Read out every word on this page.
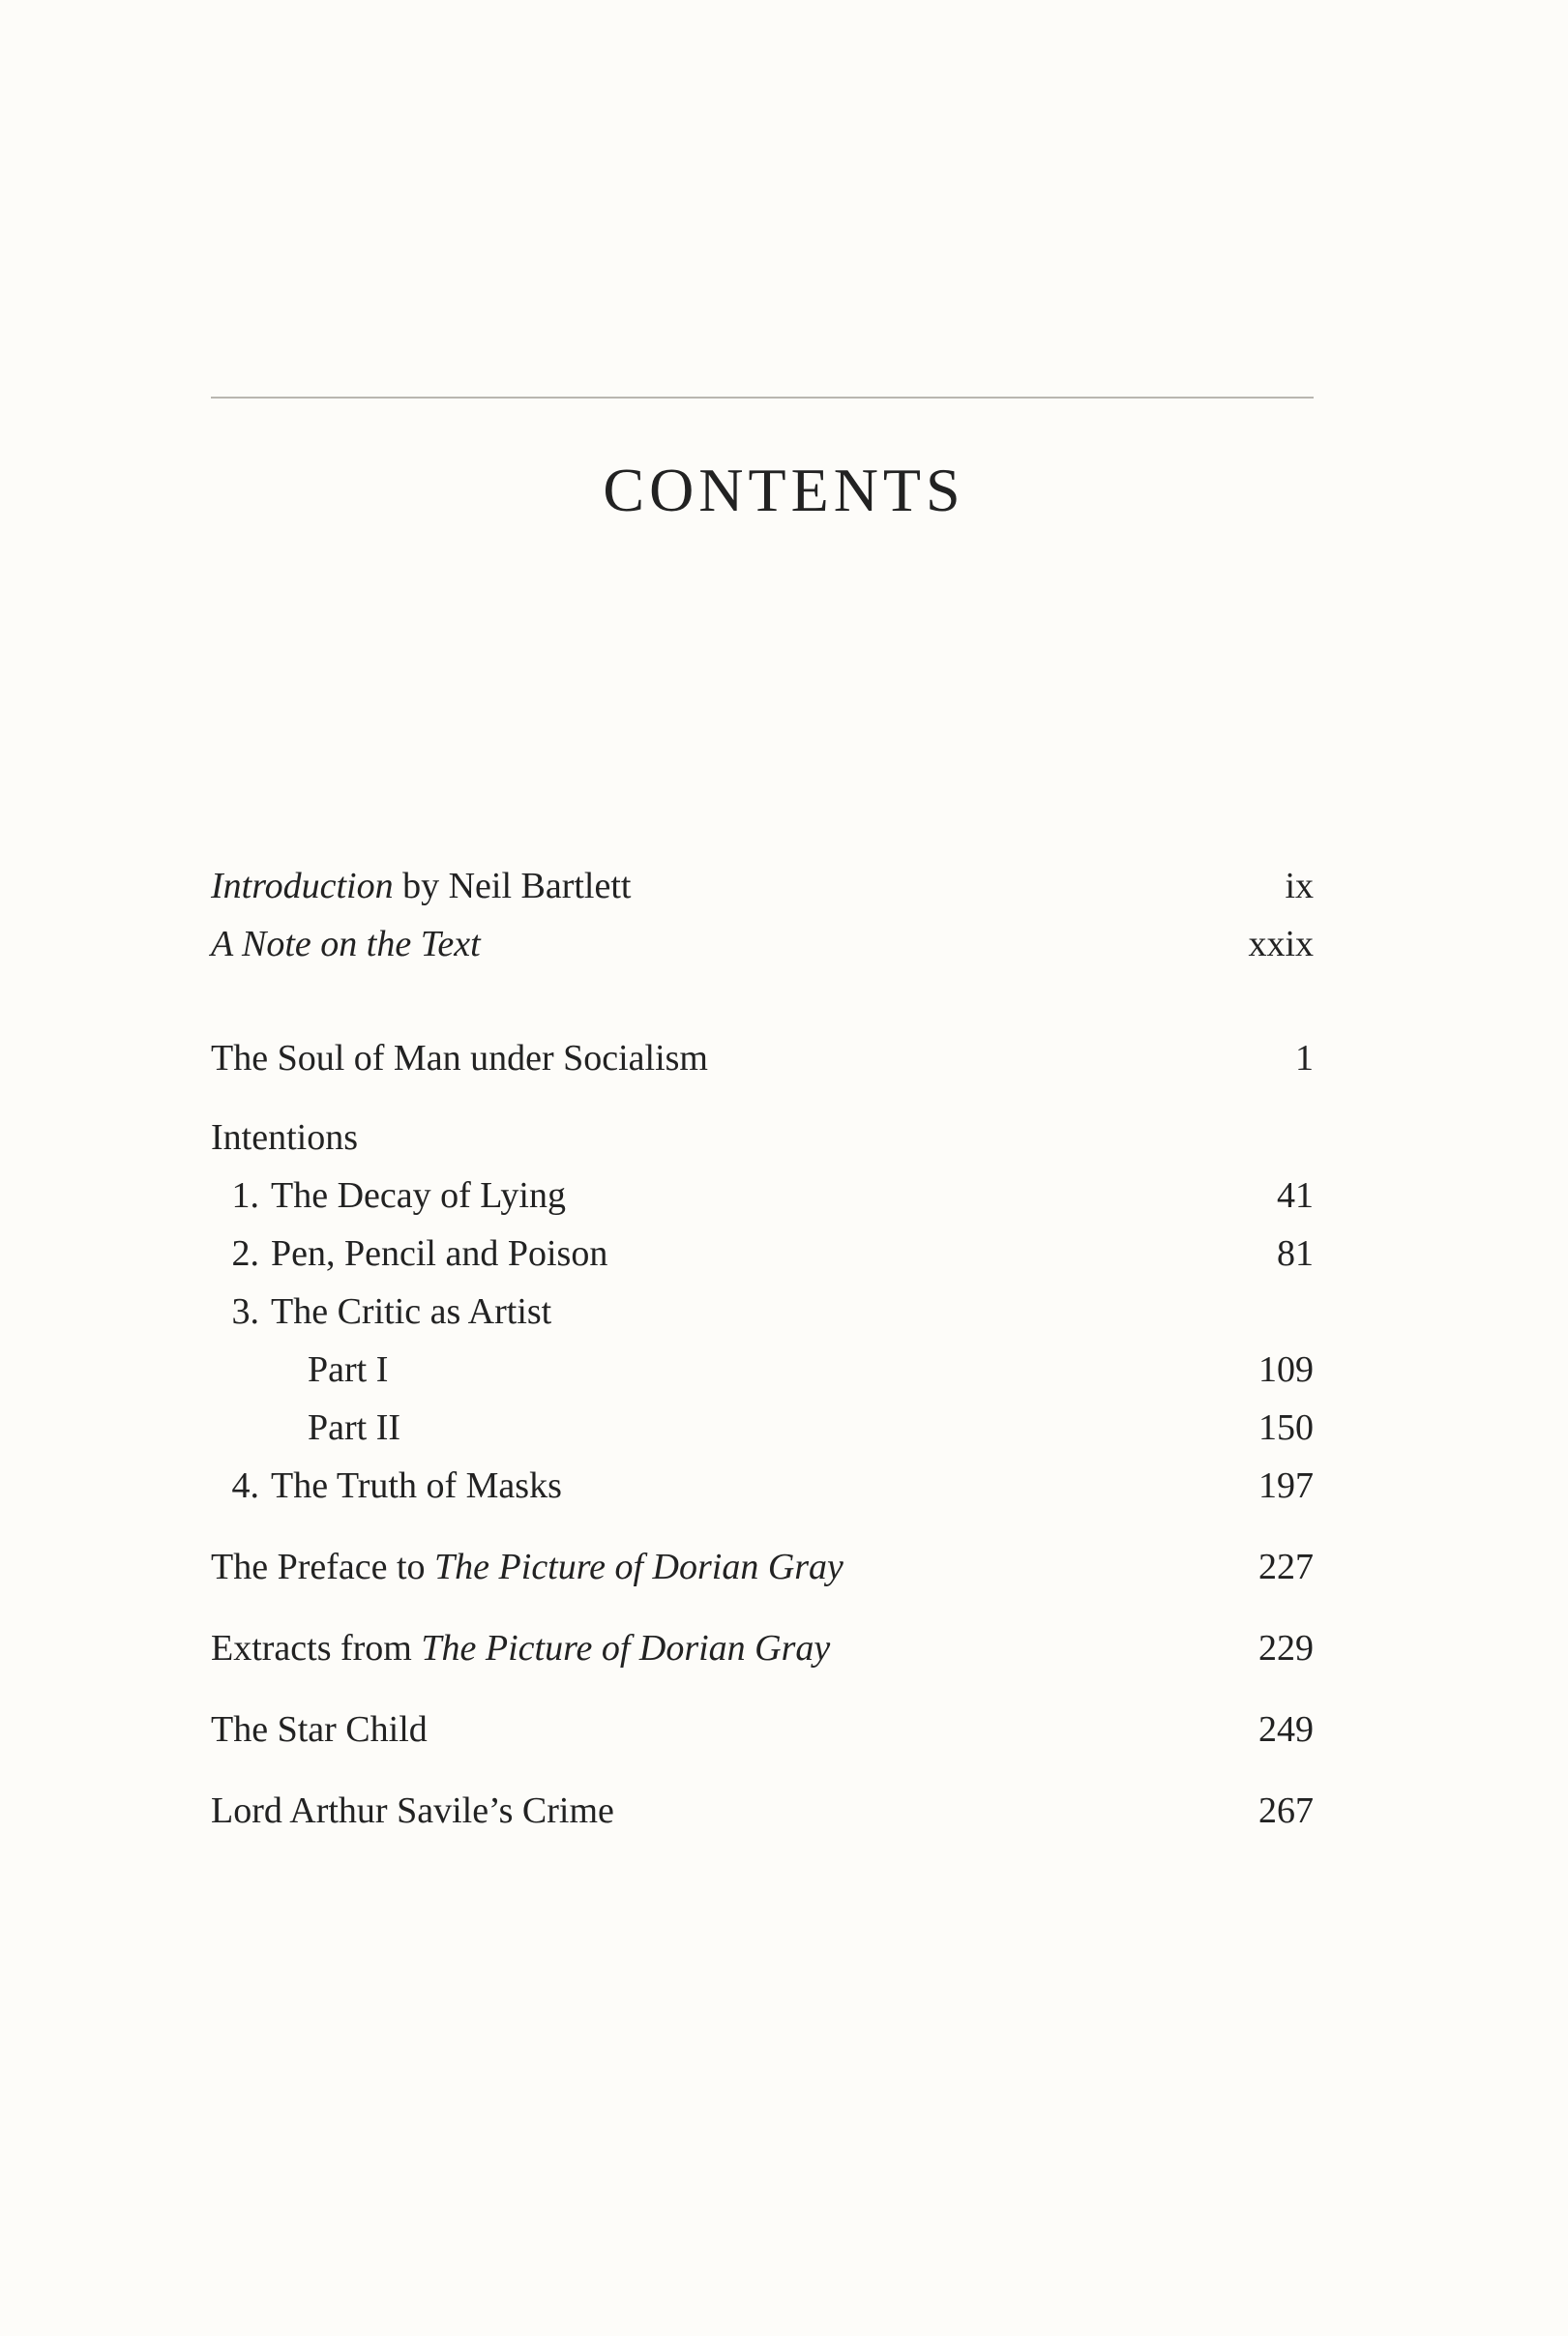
CONTENTS
Introduction by Neil Bartlett	ix
A Note on the Text	xxix
The Soul of Man under Socialism	1
Intentions
1. The Decay of Lying	41
2. Pen, Pencil and Poison	81
3. The Critic as Artist
Part I	109
Part II	150
4. The Truth of Masks	197
The Preface to The Picture of Dorian Gray	227
Extracts from The Picture of Dorian Gray	229
The Star Child	249
Lord Arthur Savile’s Crime	267
